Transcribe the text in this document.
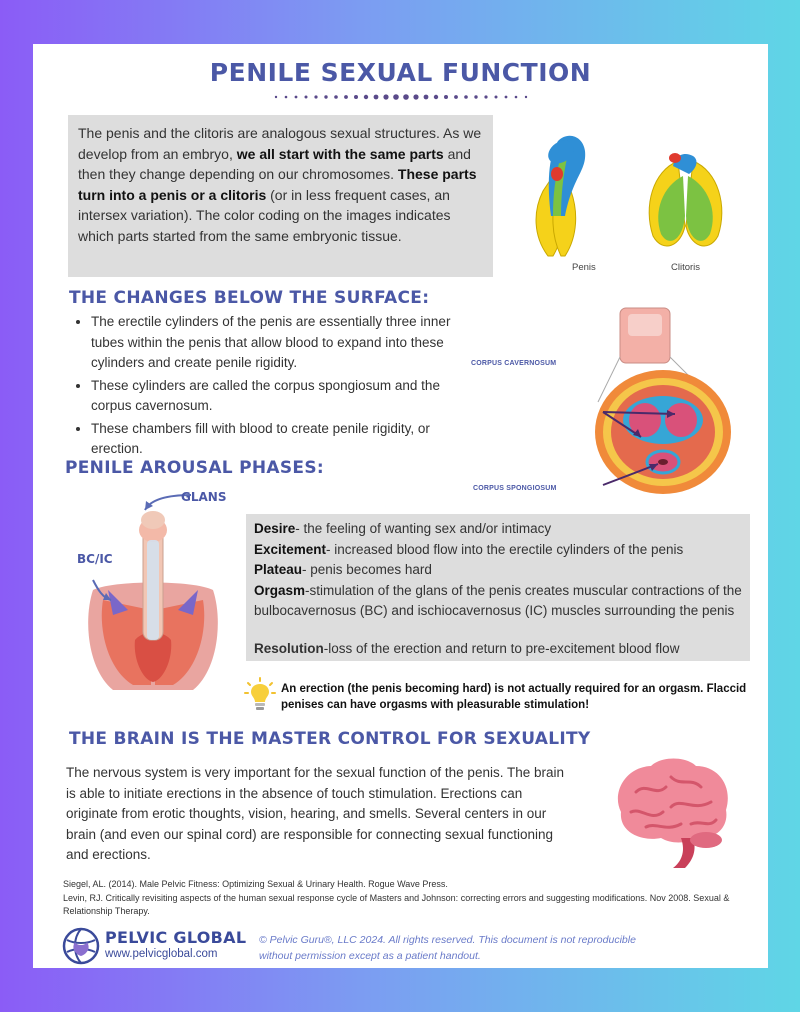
PENILE SEXUAL FUNCTION
The penis and the clitoris are analogous sexual structures. As we develop from an embryo, we all start with the same parts and then they change depending on our chromosomes. These parts turn into a penis or a clitoris (or in less frequent cases, an intersex variation). The color coding on the images indicates which parts started from the same embryonic tissue.
Penis	Clitoris
THE CHANGES BELOW THE SURFACE:
• The erectile cylinders of the penis are essentially three inner tubes within the penis that allow blood to expand into these cylinders and create penile rigidity.
• These cylinders are called the corpus spongiosum and the corpus cavernosum.
• These chambers fill with blood to create penile rigidity, or erection.
CORPUS CAVERNOSUM
CORPUS SPONGIOSUM
PENILE AROUSAL PHASES:
GLANS
BC/IC
Desire- the feeling of wanting sex and/or intimacy
Excitement- increased blood flow into the erectile cylinders of the penis
Plateau- penis becomes hard
Orgasm-stimulation of the glans of the penis creates muscular contractions of the bulbocavernosus (BC) and ischiocavernosus (IC) muscles surrounding the penis
Resolution-loss of the erection and return to pre-excitement blood flow
An erection (the penis becoming hard) is not actually required for an orgasm. Flaccid penises can have orgasms with pleasurable stimulation!
THE BRAIN IS THE MASTER CONTROL FOR SEXUALITY
The nervous system is very important for the sexual function of the penis. The brain is able to initiate erections in the absence of touch stimulation. Erections can originate from erotic thoughts, vision, hearing, and smells. Several centers in our brain (and even our spinal cord) are responsible for connecting sexual functioning and erections.
Siegel, AL. (2014). Male Pelvic Fitness: Optimizing Sexual & Urinary Health. Rogue Wave Press.
Levin, RJ. Critically revisiting aspects of the human sexual response cycle of Masters and Johnson: correcting errors and suggesting modifications. Nov 2008. Sexual & Relationship Therapy.
PELVIC GLOBAL
www.pelvicglobal.com
© Pelvic Guru®, LLC 2024. All rights reserved. This document is not reproducible without permission except as a patient handout.
